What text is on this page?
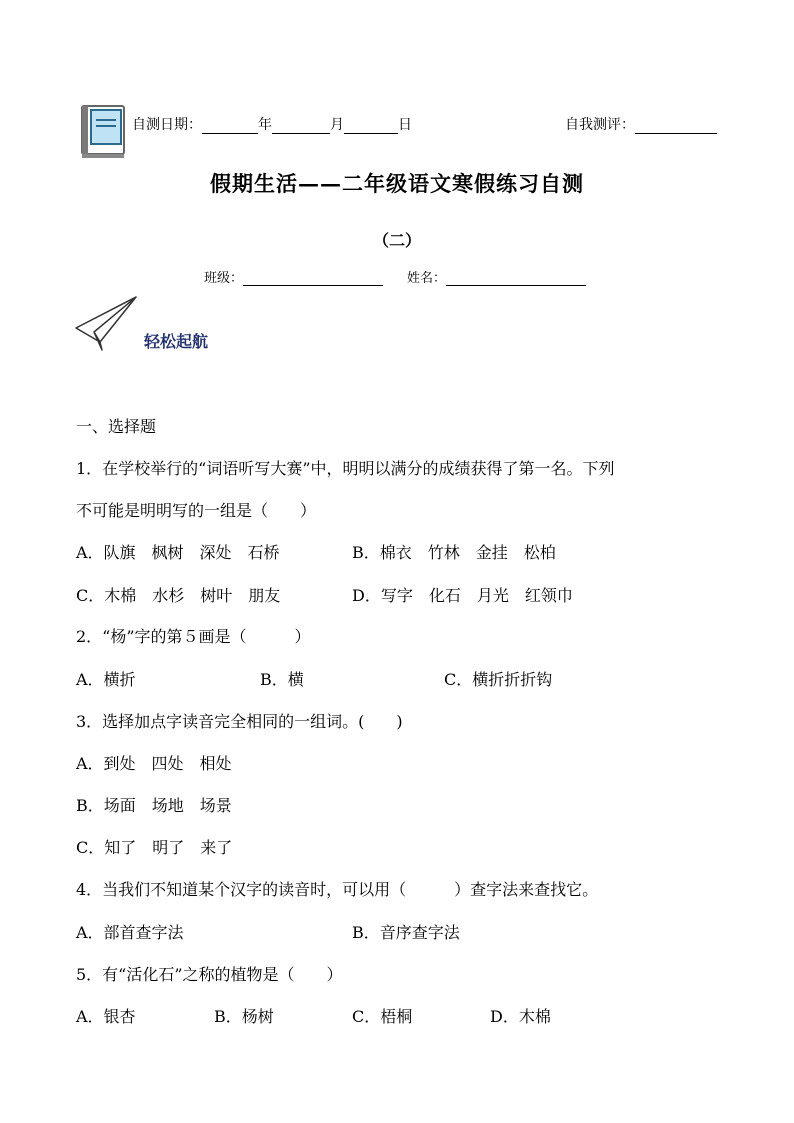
自测日期：	年	月	日	自我测评：
假期生活——二年级语文寒假练习自测
（二）
班级：	姓名：
轻松起航
一、选择题
1．在学校举行的“词语听写大赛”中，明明以满分的成绩获得了第一名。下列
不可能是明明写的一组是（　　）
A．队旗　枫树　深处　石桥	B．棉衣　竹林　金挂　松柏
C．木棉　水杉　树叶　朋友	D．写字　化石　月光　红领巾
2．“杨”字的第５画是（　　　）
A．横折	B．横	C．横折折折钩
3．选择加点字读音完全相同的一组词。(　　)
A．到处　四处　相处
B．场面　场地　场景
C．知了　明了　来了
4．当我们不知道某个汉字的读音时，可以用（　　　）查字法来查找它。
A．部首查字法	B．音序查字法
5．有“活化石”之称的植物是（　　）
A．银杏	B．杨树	C．梧桐	D．木棉
